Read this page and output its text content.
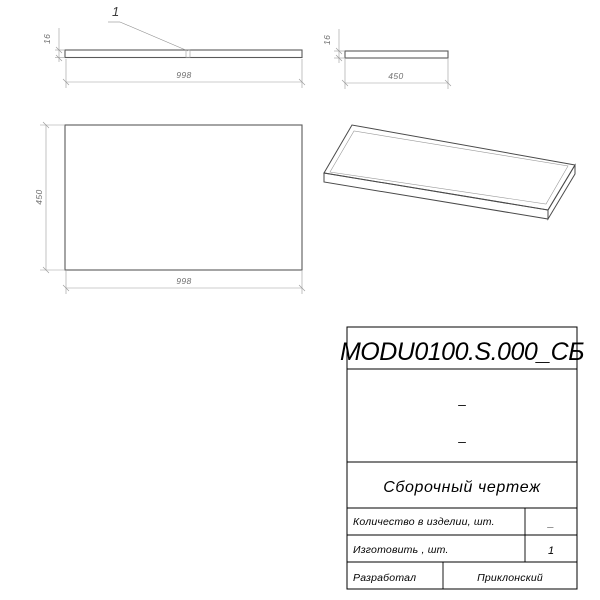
16
998
1
16
450
450
998
MODU0100.S.000_СБ
–
–
Сборочный чертеж
Количество в изделии, шт.	_
Изготовить , шт.	1
Разработал	Приклонский
